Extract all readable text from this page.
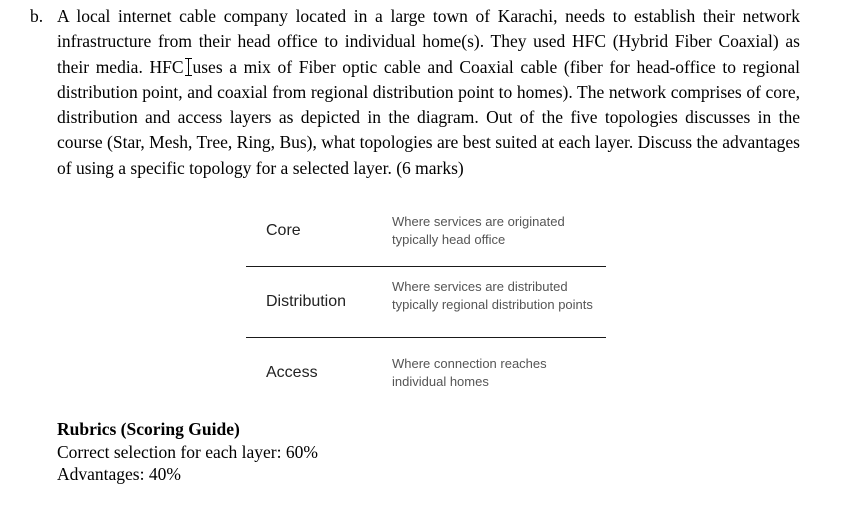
b. A local internet cable company located in a large town of Karachi, needs to establish their network infrastructure from their head office to individual home(s). They used HFC (Hybrid Fiber Coaxial) as their media. HFC uses a mix of Fiber optic cable and Coaxial cable (fiber for head-office to regional distribution point, and coaxial from regional distribution point to homes). The network comprises of core, distribution and access layers as depicted in the diagram. Out of the five topologies discusses in the course (Star, Mesh, Tree, Ring, Bus), what topologies are best suited at each layer. Discuss the advantages of using a specific topology for a selected layer. (6 marks)
Core
Where services are originated typically head office
Distribution
Where services are distributed typically regional distribution points
Access
Where connection reaches individual homes
Rubrics (Scoring Guide)
Correct selection for each layer: 60%
Advantages: 40%
